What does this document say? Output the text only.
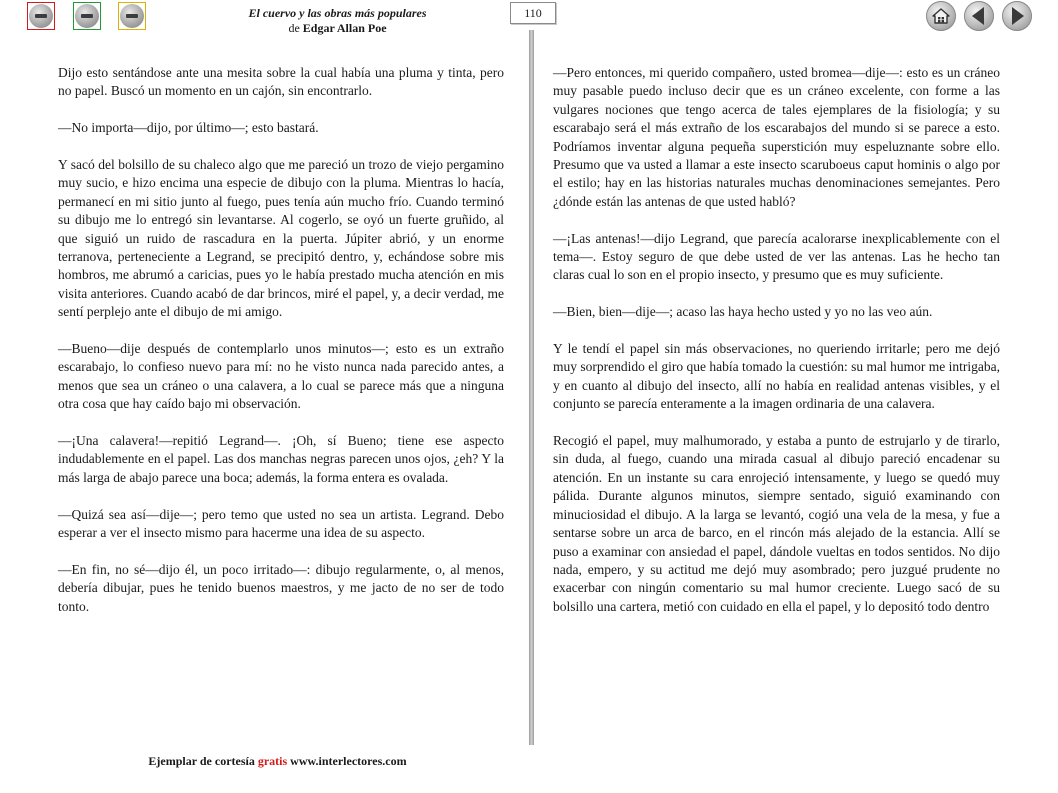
El cuervo y las obras más populares
de Edgar Allan Poe
110

Dijo esto sentándose ante una mesita sobre la cual había una pluma y tinta, pero no papel. Buscó un momento en un cajón, sin encontrarlo.

—No importa—dijo, por último—; esto bastará.

Y sacó del bolsillo de su chaleco algo que me pareció un trozo de viejo pergamino muy sucio, e hizo encima una especie de dibujo con la pluma. Mientras lo hacía, permanecí en mi sitio junto al fuego, pues tenía aún mucho frío. Cuando terminó su dibujo me lo entregó sin levantarse. Al cogerlo, se oyó un fuerte gruñido, al que siguió un ruido de rascadura en la puerta. Júpiter abrió, y un enorme terranova, perteneciente a Legrand, se precipitó dentro, y, echándose sobre mis hombros, me abrumó a caricias, pues yo le había prestado mucha atención en mis visita anteriores. Cuando acabó de dar brincos, miré el papel, y, a decir verdad, me sentí perplejo ante el dibujo de mi amigo.

—Bueno—dije después de contemplarlo unos minutos—; esto es un extraño escarabajo, lo confieso nuevo para mí: no he visto nunca nada parecido antes, a menos que sea un cráneo o una calavera, a lo cual se parece más que a ninguna otra cosa que hay caído bajo mi observación.

—¡Una calavera!—repitió Legrand—. ¡Oh, sí Bueno; tiene ese aspecto indudablemente en el papel. Las dos manchas negras parecen unos ojos, ¿eh? Y la más larga de abajo parece una boca; además, la forma entera es ovalada.

—Quizá sea así—dije—; pero temo que usted no sea un artista. Legrand. Debo esperar a ver el insecto mismo para hacerme una idea de su aspecto.

—En fin, no sé—dijo él, un poco irritado—: dibujo regularmente, o, al menos, debería dibujar, pues he tenido buenos maestros, y me jacto de no ser de todo tonto.

—Pero entonces, mi querido compañero, usted bromea—dije—: esto es un cráneo muy pasable puedo incluso decir que es un cráneo excelente, con forme a las vulgares nociones que tengo acerca de tales ejemplares de la fisiología; y su escarabajo será el más extraño de los escarabajos del mundo si se parece a esto. Podríamos inventar alguna pequeña superstición muy espeluznante sobre ello. Presumo que va usted a llamar a este insecto scaruboeus caput hominis o algo por el estilo; hay en las historias naturales muchas denominaciones semejantes. Pero ¿dónde están las antenas de que usted habló?

—¡Las antenas!—dijo Legrand, que parecía acalorarse inexplicablemente con el tema—. Estoy seguro de que debe usted de ver las antenas. Las he hecho tan claras cual lo son en el propio insecto, y presumo que es muy suficiente.

—Bien, bien—dije—; acaso las haya hecho usted y yo no las veo aún.

Y le tendí el papel sin más observaciones, no queriendo irritarle; pero me dejó muy sorprendido el giro que había tomado la cuestión: su mal humor me intrigaba, y en cuanto al dibujo del insecto, allí no había en realidad antenas visibles, y el conjunto se parecía enteramente a la imagen ordinaria de una calavera.

Recogió el papel, muy malhumorado, y estaba a punto de estrujarlo y de tirarlo, sin duda, al fuego, cuando una mirada casual al dibujo pareció encadenar su atención. En un instante su cara enrojeció intensamente, y luego se quedó muy pálida. Durante algunos minutos, siempre sentado, siguió examinando con minuciosidad el dibujo. A la larga se levantó, cogió una vela de la mesa, y fue a sentarse sobre un arca de barco, en el rincón más alejado de la estancia. Allí se puso a examinar con ansiedad el papel, dándole vueltas en todos sentidos. No dijo nada, empero, y su actitud me dejó muy asombrado; pero juzgué prudente no exacerbar con ningún comentario su mal humor creciente. Luego sacó de su bolsillo una cartera, metió con cuidado en ella el papel, y lo depositó todo dentro

Ejemplar de cortesía gratis www.interlectores.com
